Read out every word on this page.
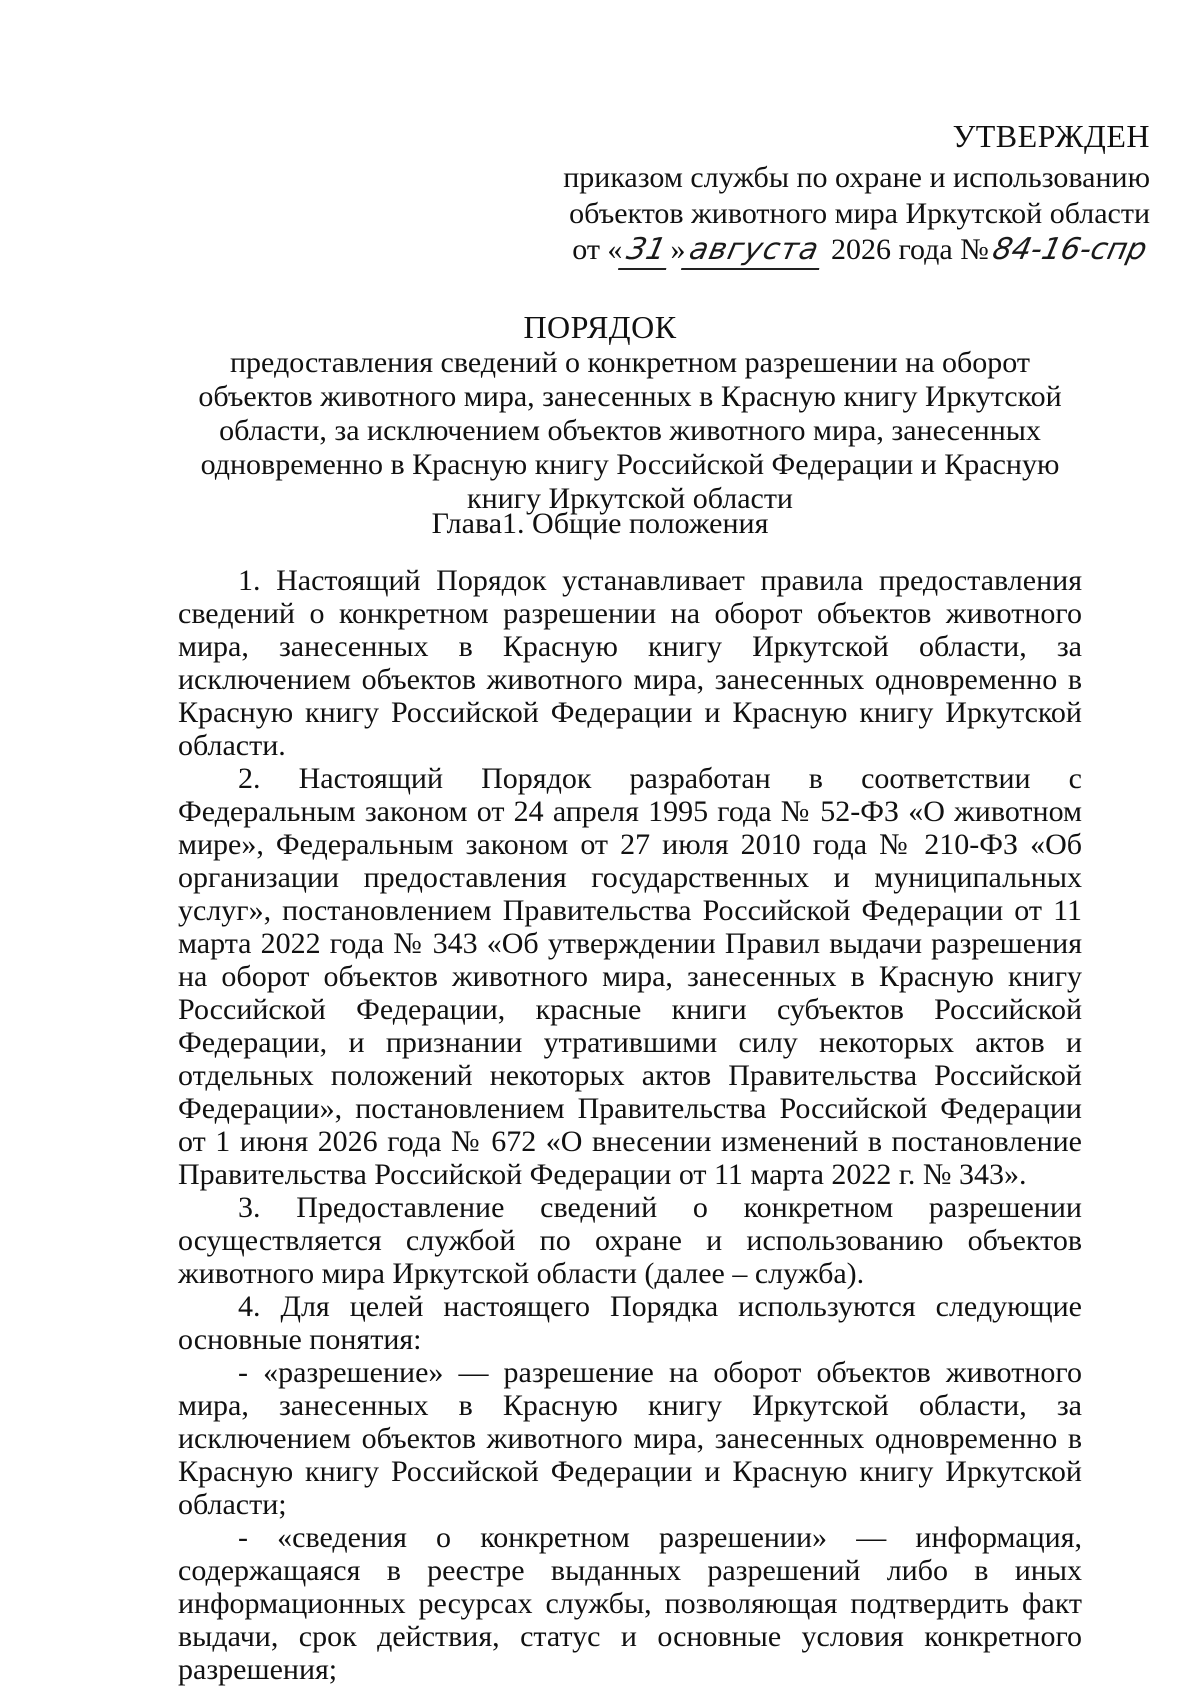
УТВЕРЖДЕН
приказом службы по охране и использованию
объектов животного мира Иркутской области
от «31»августа 2026 года №84-16-спр
ПОРЯДОК
предоставления сведений о конкретном разрешении на оборот объектов животного мира, занесенных в Красную книгу Иркутской области, за исключением объектов животного мира, занесенных одновременно в Красную книгу Российской Федерации и Красную книгу Иркутской области
Глава1. Общие положения

1. Настоящий Порядок устанавливает правила предоставления сведений о конкретном разрешении на оборот объектов животного мира, занесенных в Красную книгу Иркутской области, за исключением объектов животного мира, занесенных одновременно в Красную книгу Российской Федерации и Красную книгу Иркутской области.

2. Настоящий Порядок разработан в соответствии с Федеральным законом от 24 апреля 1995 года № 52-ФЗ «О животном мире», Федеральным законом от 27 июля 2010 года № 210-ФЗ «Об организации предоставления государственных и муниципальных услуг», постановлением Правительства Российской Федерации от 11 марта 2022 года № 343 «Об утверждении Правил выдачи разрешения на оборот объектов животного мира, занесенных в Красную книгу Российской Федерации, красные книги субъектов Российской Федерации, и признании утратившими силу некоторых актов и отдельных положений некоторых актов Правительства Российской Федерации», постановлением Правительства Российской Федерации от 1 июня 2026 года № 672 «О внесении изменений в постановление Правительства Российской Федерации от 11 марта 2022 г. № 343».

3. Предоставление сведений о конкретном разрешении осуществляется службой по охране и использованию объектов животного мира Иркутской области (далее – служба).

4. Для целей настоящего Порядка используются следующие основные понятия:

- «разрешение» — разрешение на оборот объектов животного мира, занесенных в Красную книгу Иркутской области, за исключением объектов животного мира, занесенных одновременно в Красную книгу Российской Федерации и Красную книгу Иркутской области;

- «сведения о конкретном разрешении» — информация, содержащаяся в реестре выданных разрешений либо в иных информационных ресурсах службы, позволяющая подтвердить факт выдачи, срок действия, статус и основные условия конкретного разрешения;
